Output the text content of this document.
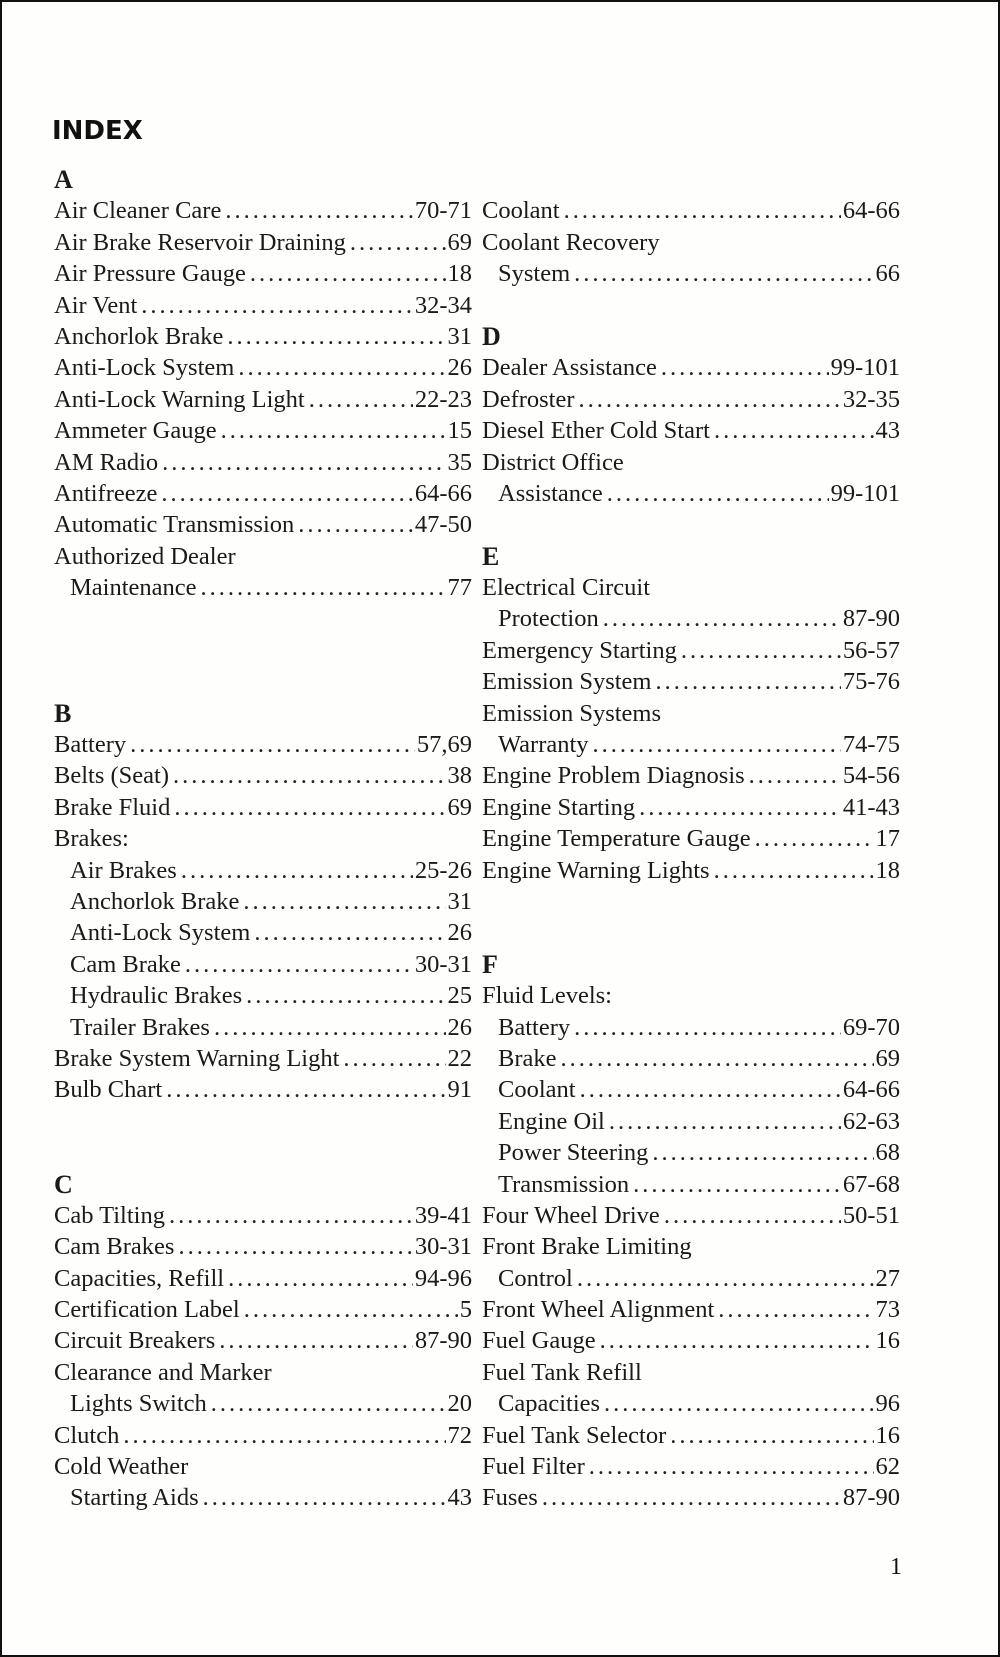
INDEX
A
Air Cleaner Care .....	70-71
Air Brake Reservoir Draining .....	69
Air Pressure Gauge .....	18
Air Vent .....	32-34
Anchorlok Brake .....	31
Anti-Lock System .....	26
Anti-Lock Warning Light .....	22-23
Ammeter Gauge .....	15
AM Radio .....	35
Antifreeze .....	64-66
Automatic Transmission .....	47-50
Authorized Dealer
Maintenance .....	77
B
Battery .....	57,69
Belts (Seat) .....	38
Brake Fluid .....	69
Brakes:
Air Brakes .....	25-26
Anchorlok Brake .....	31
Anti-Lock System .....	26
Cam Brake .....	30-31
Hydraulic Brakes .....	25
Trailer Brakes .....	26
Brake System Warning Light .....	22
Bulb Chart .....	91
C
Cab Tilting .....	39-41
Cam Brakes .....	30-31
Capacities, Refill .....	94-96
Certification Label .....	5
Circuit Breakers .....	87-90
Clearance and Marker
Lights Switch .....	20
Clutch .....	72
Cold Weather
Starting Aids .....	43
Coolant .....	64-66
Coolant Recovery
System .....	66
D
Dealer Assistance .....	99-101
Defroster .....	32-35
Diesel Ether Cold Start .....	43
District Office
Assistance .....	99-101
E
Electrical Circuit
Protection .....	87-90
Emergency Starting .....	56-57
Emission System .....	75-76
Emission Systems
Warranty .....	74-75
Engine Problem Diagnosis .....	54-56
Engine Starting .....	41-43
Engine Temperature Gauge .....	17
Engine Warning Lights .....	18
F
Fluid Levels:
Battery .....	69-70
Brake .....	69
Coolant .....	64-66
Engine Oil .....	62-63
Power Steering .....	68
Transmission .....	67-68
Four Wheel Drive .....	50-51
Front Brake Limiting
Control .....	27
Front Wheel Alignment .....	73
Fuel Gauge .....	16
Fuel Tank Refill
Capacities .....	96
Fuel Tank Selector .....	16
Fuel Filter .....	62
Fuses .....	87-90
1
